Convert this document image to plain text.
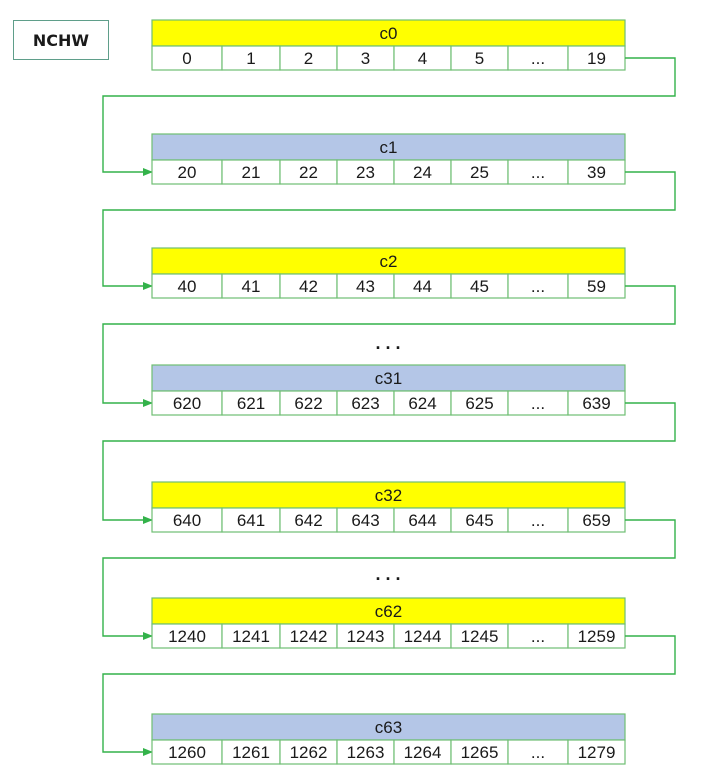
NCHW	c0
0	1	2	3	4	5	... 19
c1
20	21 22 23 24 25 ... 39
c2
40	41 42 43 44 45 ... 59
c31
620 621 622 623 624 625 ... 639
c32
640 641 642 643 644 645 ... 659
c62
1240 1241 1242 1243 1244 1245 ... 1259
c63
1260 1261 1262 1263 1264 1265 ... 1279
. . .
. . .
